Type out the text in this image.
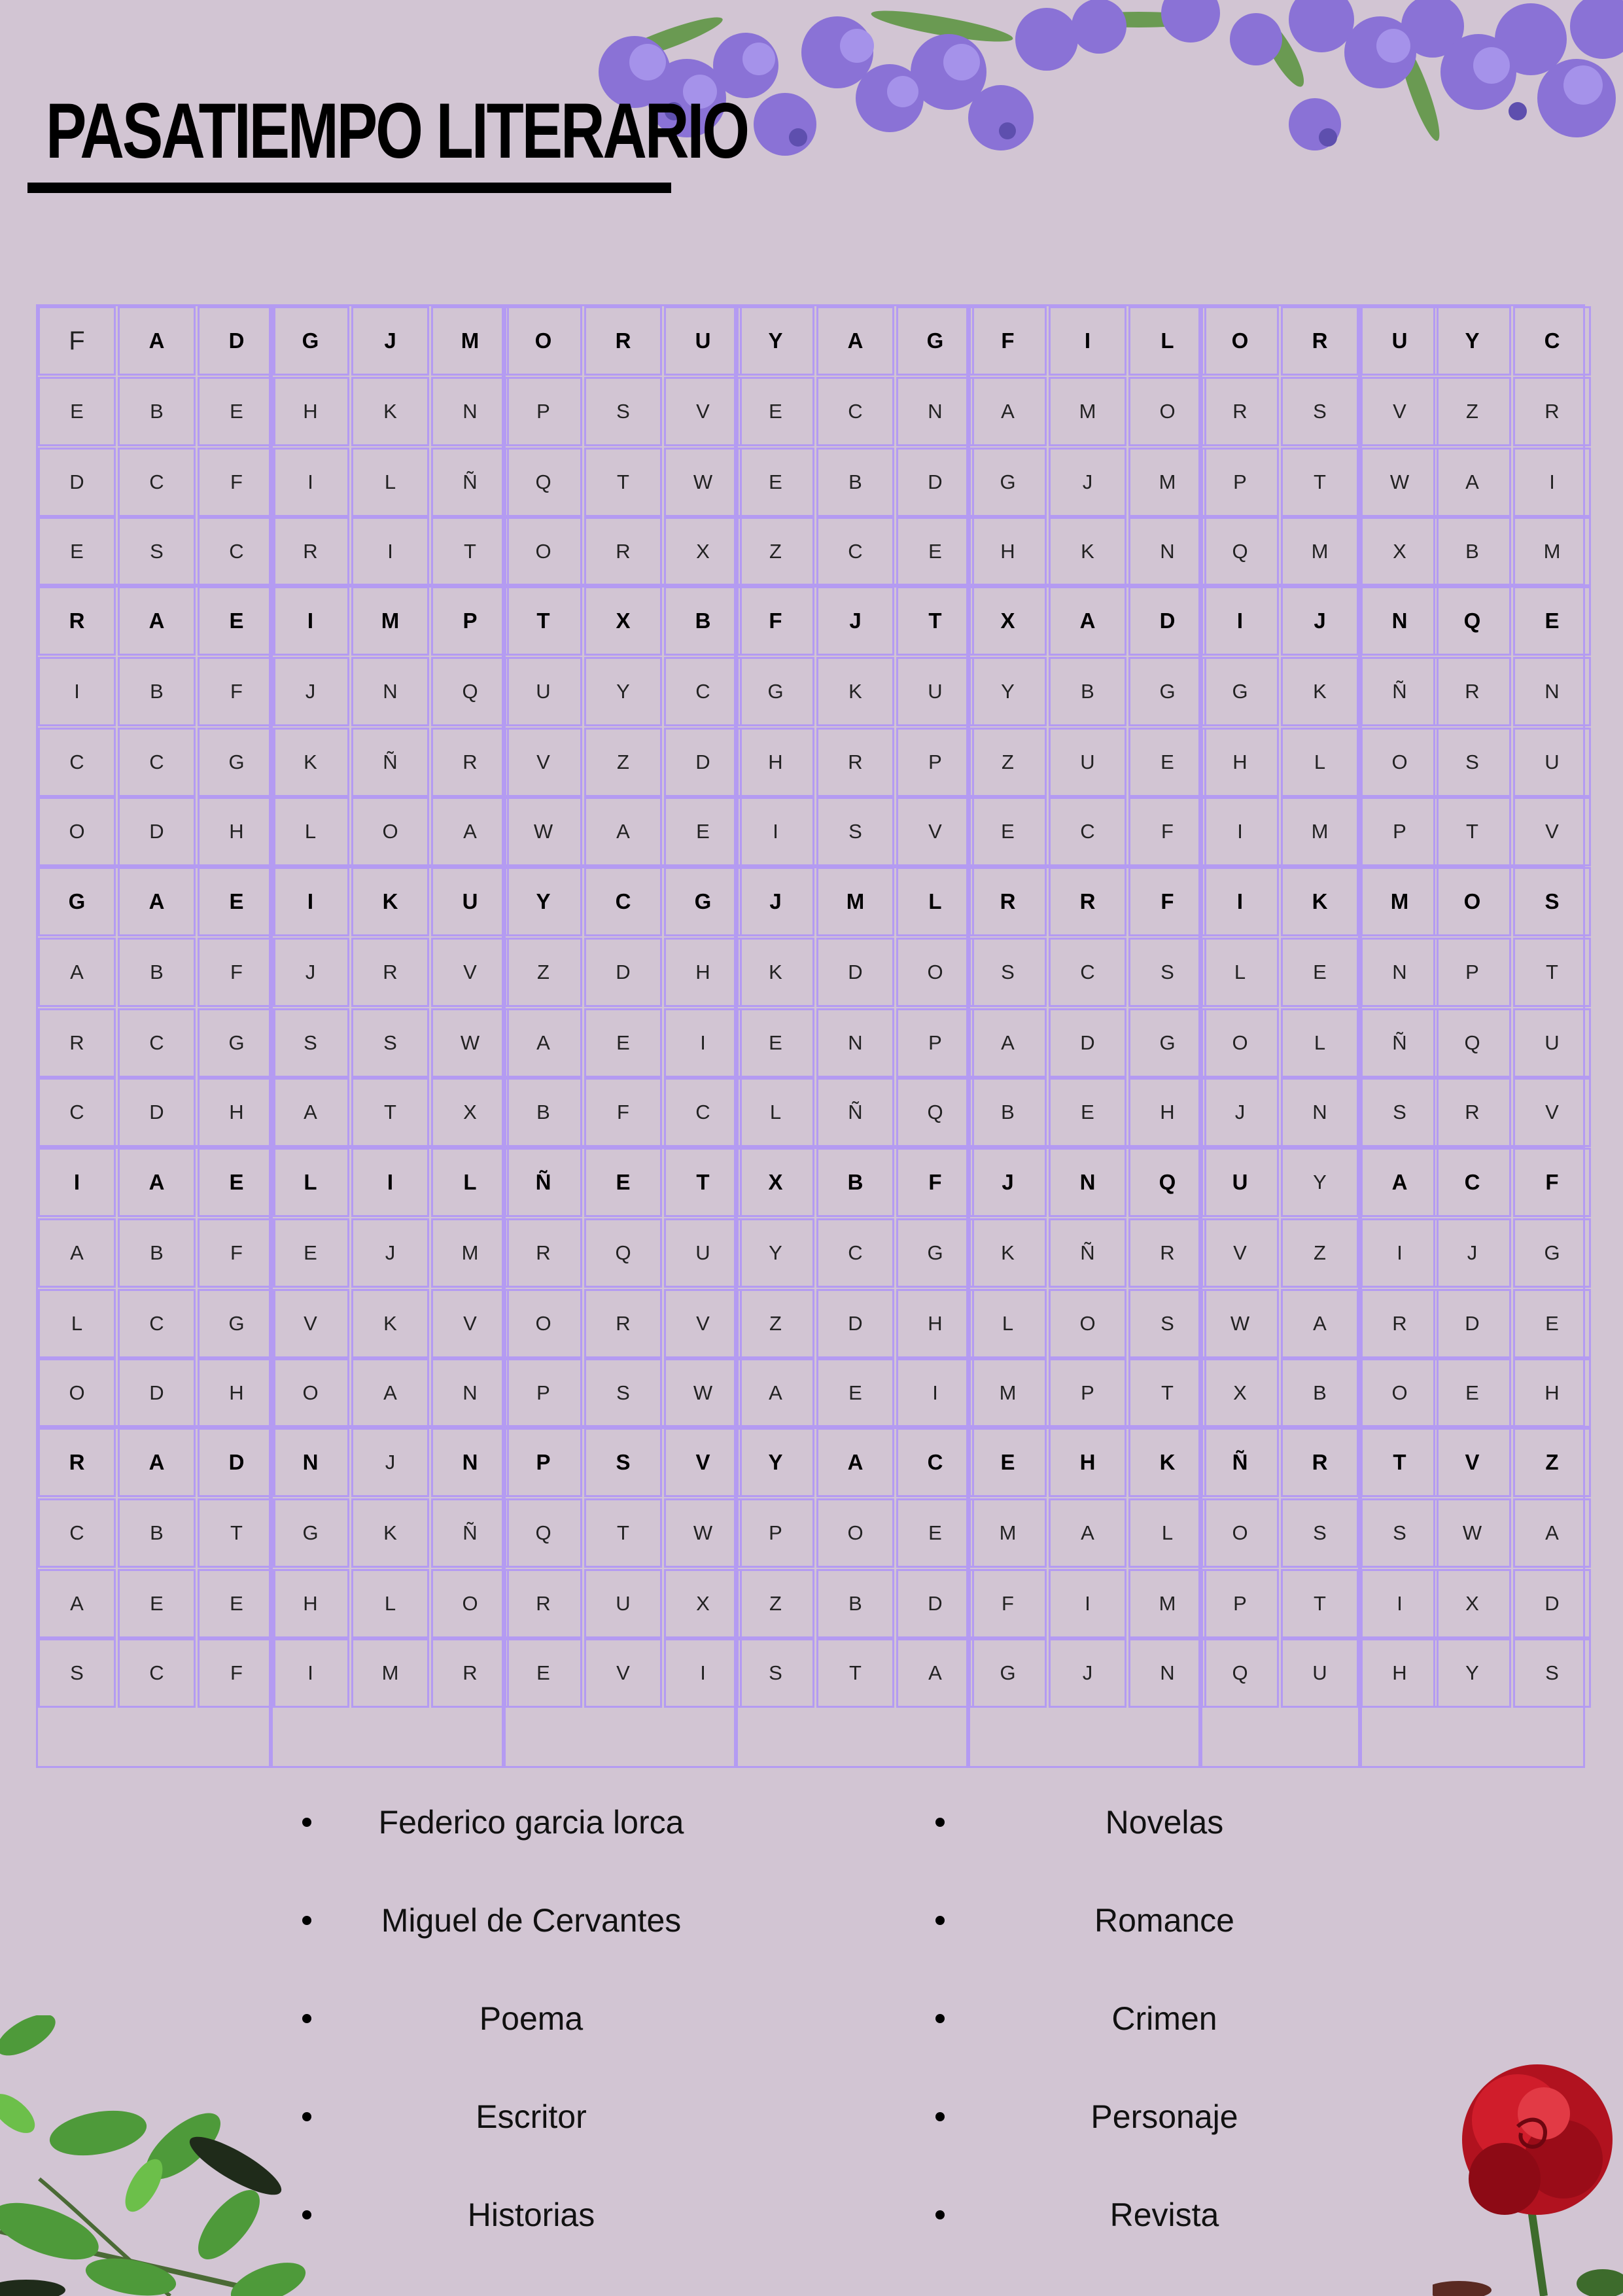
PASATIEMPO LITERARIO
F	A	D	G	J	M	O	R	U	Y	A	G	F	I	L	O	R	U	Y	C
E	B	E	H	K	N	P	S	V	E	C	N	A	M	O	R	S	V	Z	R
D	C	F	I	L	Ñ	Q	T	W	E	B	D	G	J	M	P	T	W	A	I
E	S	C	R	I	T	O	R	X	Z	C	E	H	K	N	Q	M	X	B	M
R	A	E	I	M	P	T	X	B	F	J	T	X	A	D	I	J	N	Q	E
I	B	F	J	N	Q	U	Y	C	G	K	U	Y	B	G	G	K	Ñ	R	N
C	C	G	K	Ñ	R	V	Z	D	H	R	P	Z	U	E	H	L	O	S	U
O	D	H	L	O	A	W	A	E	I	S	V	E	C	F	I	M	P	T	V
G	A	E	I	K	U	Y	C	G	J	M	L	R	R	F	I	K	M	O	S
A	B	F	J	R	V	Z	D	H	K	D	O	S	C	S	L	E	N	P	T
R	C	G	S	S	W	A	E	I	E	N	P	A	D	G	O	L	Ñ	Q	U
C	D	H	A	T	X	B	F	C	L	Ñ	Q	B	E	H	J	N	S	R	V
I	A	E	L	I	L	Ñ	E	T	X	B	F	J	N	Q	U	Y	A	C	F
A	B	F	E	J	M	R	Q	U	Y	C	G	K	Ñ	R	V	Z	I	J	G
L	C	G	V	K	V	O	R	V	Z	D	H	L	O	S	W	A	R	D	E
O	D	H	O	A	N	P	S	W	A	E	I	M	P	T	X	B	O	E	H
R	A	D	N	J	N	P	S	V	Y	A	C	E	H	K	Ñ	R	T	V	Z
C	B	T	G	K	Ñ	Q	T	W	P	O	E	M	A	L	O	S	S	W	A
A	E	E	H	L	O	R	U	X	Z	B	D	F	I	M	P	T	I	X	D
S	C	F	I	M	R	E	V	I	S	T	A	G	J	N	Q	U	H	Y	S
Federico garcia lorca
Miguel de Cervantes
Poema
Escritor
Historias
Novelas
Romance
Crimen
Personaje
Revista
